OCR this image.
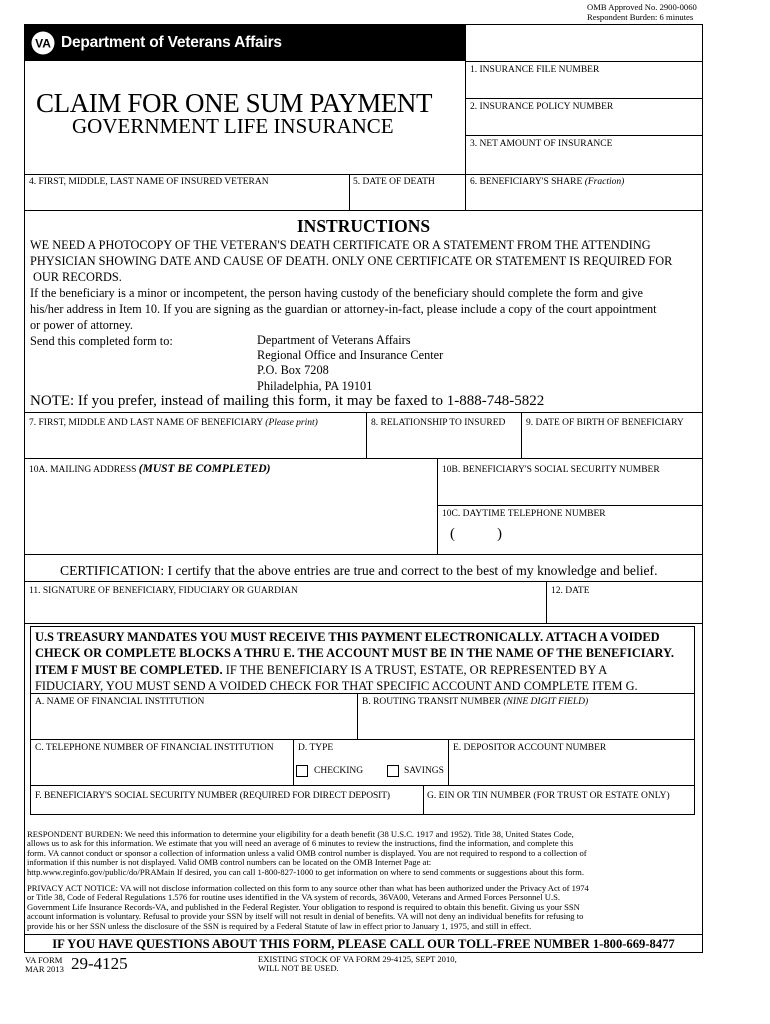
OMB Approved No. 2900-0060
Respondent Burden: 6 minutes
VA Department of Veterans Affairs
1. INSURANCE FILE NUMBER
2. INSURANCE POLICY NUMBER
3. NET AMOUNT OF INSURANCE
CLAIM FOR ONE SUM PAYMENT
GOVERNMENT LIFE INSURANCE
4. FIRST, MIDDLE, LAST NAME OF INSURED VETERAN	5. DATE OF DEATH	6. BENEFICIARY'S SHARE (Fraction)
INSTRUCTIONS
WE NEED A PHOTOCOPY OF THE VETERAN'S DEATH CERTIFICATE OR A STATEMENT FROM THE ATTENDING
PHYSICIAN SHOWING DATE AND CAUSE OF DEATH. ONLY ONE CERTIFICATE OR STATEMENT IS REQUIRED FOR
OUR RECORDS.
If the beneficiary is a minor or incompetent, the person having custody of the beneficiary should complete the form and give
his/her address in Item 10. If you are signing as the guardian or attorney-in-fact, please include a copy of the court appointment
or power of attorney.
Send this completed form to:	Department of Veterans Affairs
Regional Office and Insurance Center
P.O. Box 7208
Philadelphia, PA 19101
NOTE: If you prefer, instead of mailing this form, it may be faxed to 1-888-748-5822
7. FIRST, MIDDLE AND LAST NAME OF BENEFICIARY (Please print)	8. RELATIONSHIP TO INSURED 9. DATE OF BIRTH OF BENEFICIARY
10A. MAILING ADDRESS (MUST BE COMPLETED)	10B. BENEFICIARY'S SOCIAL SECURITY NUMBER
10C. DAYTIME TELEPHONE NUMBER
(	)
CERTIFICATION: I certify that the above entries are true and correct to the best of my knowledge and belief.
11. SIGNATURE OF BENEFICIARY, FIDUCIARY OR GUARDIAN	12. DATE
U.S TREASURY MANDATES YOU MUST RECEIVE THIS PAYMENT ELECTRONICALLY. ATTACH A VOIDED
CHECK OR COMPLETE BLOCKS A THRU E. THE ACCOUNT MUST BE IN THE NAME OF THE BENEFICIARY.
ITEM F MUST BE COMPLETED. IF THE BENEFICIARY IS A TRUST, ESTATE, OR REPRESENTED BY A
FIDUCIARY, YOU MUST SEND A VOIDED CHECK FOR THAT SPECIFIC ACCOUNT AND COMPLETE ITEM G.
A. NAME OF FINANCIAL INSTITUTION	B. ROUTING TRANSIT NUMBER (NINE DIGIT FIELD)
C. TELEPHONE NUMBER OF FINANCIAL INSTITUTION	D. TYPE
CHECKING	SAVINGS
E. DEPOSITOR ACCOUNT NUMBER
F. BENEFICIARY'S SOCIAL SECURITY NUMBER (REQUIRED FOR DIRECT DEPOSIT)	G. EIN OR TIN NUMBER (FOR TRUST OR ESTATE ONLY)
RESPONDENT BURDEN: We need this information to determine your eligibility for a death benefit (38 U.S.C. 1917 and 1952). Title 38, United States Code,
allows us to ask for this information. We estimate that you will need an average of 6 minutes to review the instructions, find the information, and complete this
form. VA cannot conduct or sponsor a collection of information unless a valid OMB control number is displayed. You are not required to respond to a collection of
information if this number is not displayed. Valid OMB control numbers can be located on the OMB Internet Page at:
http.www.reginfo.gov/public/do/PRAMain If desired, you can call 1-800-827-1000 to get information on where to send comments or suggestions about this form.
PRIVACY ACT NOTICE: VA will not disclose information collected on this form to any source other than what has been authorized under the Privacy Act of 1974
or Title 38, Code of Federal Regulations 1.576 for routine uses identified in the VA system of records, 36VA00, Veterans and Armed Forces Personnel U.S.
Government Life Insurance Records-VA, and published in the Federal Register. Your obligation to respond is required to obtain this benefit. Giving us your SSN
account information is voluntary. Refusal to provide your SSN by itself will not result in denial of benefits. VA will not deny an individual benefits for refusing to
provide his or her SSN unless the disclosure of the SSN is required by a Federal Statute of law in effect prior to January 1, 1975, and still in effect.
IF YOU HAVE QUESTIONS ABOUT THIS FORM, PLEASE CALL OUR TOLL-FREE NUMBER 1-800-669-8477
VA FORM
MAR 2013 29-4125	EXISTING STOCK OF VA FORM 29-4125, SEPT 2010,
WILL NOT BE USED.
